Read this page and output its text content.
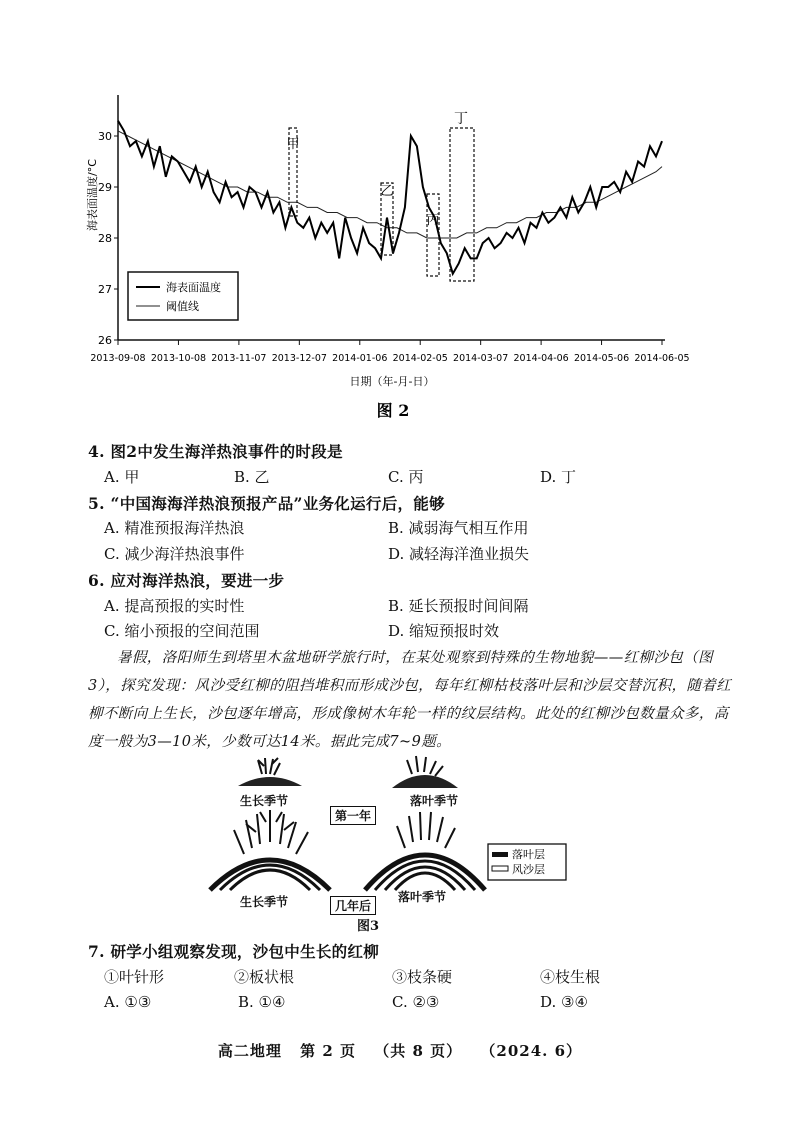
海表面温度/°C
30
29
28
27
26
2013-09-08 2013-10-08 2013-11-07 2013-12-07 2014-01-06 2014-02-05 2014-03-07 2014-04-06 2014-05-06 2014-06-05
甲
乙
丙
丁
海表面温度
阈值线
日期（年-月-日）
图 2
4. 图2中发生海洋热浪事件的时段是
A. 甲	B. 乙	C. 丙	D. 丁
5. “中国海海洋热浪预报产品”业务化运行后，能够
A. 精准预报海洋热浪	B. 减弱海气相互作用
C. 减少海洋热浪事件	D. 减轻海洋渔业损失
6. 应对海洋热浪，要进一步
A. 提高预报的实时性	B. 延长预报时间间隔
C. 缩小预报的空间范围	D. 缩短预报时效
暑假，洛阳师生到塔里木盆地研学旅行时，在某处观察到特殊的生物地貌——红柳沙包（图3），探究发现：风沙受红柳的阻挡堆积而形成沙包，每年红柳枯枝落叶层和沙层交替沉积，随着红柳不断向上生长，沙包逐年增高，形成像树木年轮一样的纹层结构。此处的红柳沙包数量众多，高度一般为3—10米，少数可达14米。据此完成7~9题。
落叶层
风沙层
生长季节	落叶季节
第一年
生长季节	落叶季节
几年后
图3
7. 研学小组观察发现，沙包中生长的红柳
①叶针形	②板状根	③枝条硬	④枝生根
A. ①③	B. ①④	C. ②③	D. ③④
高二地理 第 2 页 （共 8 页） （2024. 6）
